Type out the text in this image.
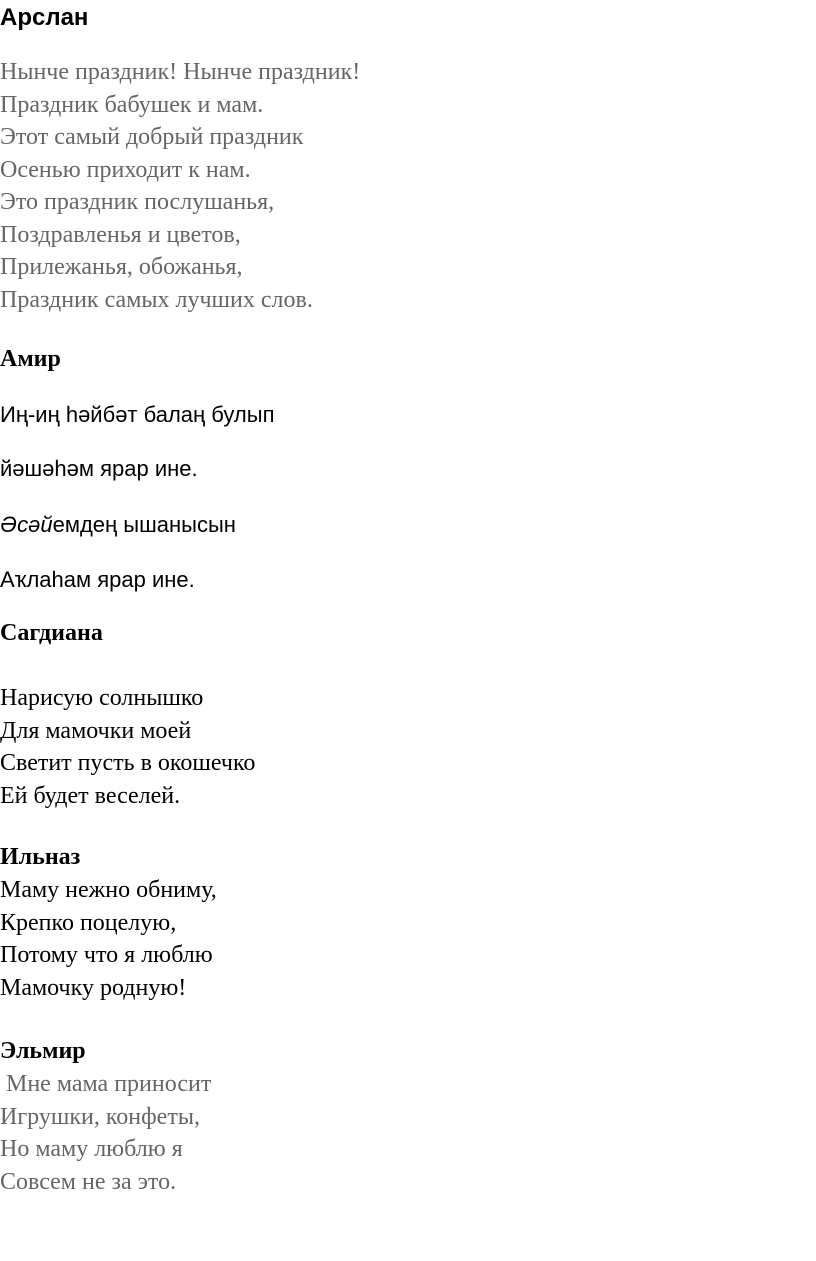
Арслан
Нынче праздник! Нынче праздник!
Праздник бабушек и мам.
Этот самый добрый праздник
Осенью приходит к нам.
Это праздник послушанья,
Поздравленья и цветов,
Прилежанья, обожанья,
Праздник самых лучших слов.
Амир
Иң-иң һәйбәт балаң булып
йәшәһәм ярар ине.
Әсәйемдең ышанысын
Аҡлаһам ярар ине.
Сагдиана
Нарисую солнышко
Для мамочки моей
Светит пусть в окошечко
Ей будет веселей.
Ильназ
Маму нежно обниму,
Крепко поцелую,
Потому что я люблю
Мамочку родную!
Эльмир
Мне мама приносит
Игрушки, конфеты,
Но маму люблю я
Совсем не за это.
